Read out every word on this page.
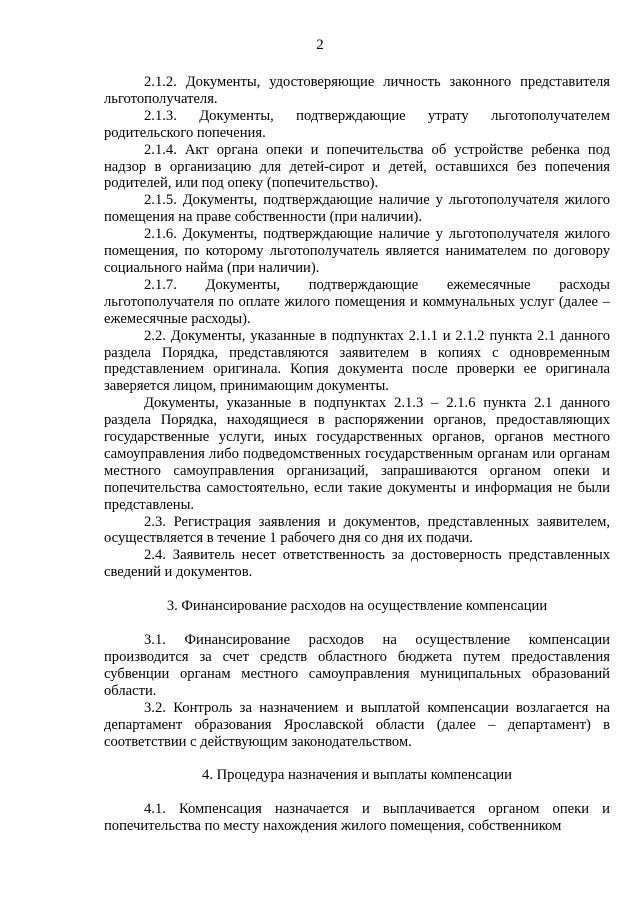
2

2.1.2. Документы, удостоверяющие личность законного представителя льготополучателя.

2.1.3. Документы, подтверждающие утрату льготополучателем родительского попечения.

2.1.4. Акт органа опеки и попечительства об устройстве ребенка под надзор в организацию для детей-сирот и детей, оставшихся без попечения родителей, или под опеку (попечительство).

2.1.5. Документы, подтверждающие наличие у льготополучателя жилого помещения на праве собственности (при наличии).

2.1.6. Документы, подтверждающие наличие у льготополучателя жилого помещения, по которому льготополучатель является нанимателем по договору социального найма (при наличии).

2.1.7. Документы, подтверждающие ежемесячные расходы льготополучателя по оплате жилого помещения и коммунальных услуг (далее – ежемесячные расходы).

2.2. Документы, указанные в подпунктах 2.1.1 и 2.1.2 пункта 2.1 данного раздела Порядка, представляются заявителем в копиях с одновременным представлением оригинала. Копия документа после проверки ее оригинала заверяется лицом, принимающим документы.

Документы, указанные в подпунктах 2.1.3 – 2.1.6 пункта 2.1 данного раздела Порядка, находящиеся в распоряжении органов, предоставляющих государственные услуги, иных государственных органов, органов местного самоуправления либо подведомственных государственным органам или органам местного самоуправления организаций, запрашиваются органом опеки и попечительства самостоятельно, если такие документы и информация не были представлены.

2.3. Регистрация заявления и документов, представленных заявителем, осуществляется в течение 1 рабочего дня со дня их подачи.

2.4. Заявитель несет ответственность за достоверность представленных сведений и документов.

3. Финансирование расходов на осуществление компенсации

3.1. Финансирование расходов на осуществление компенсации производится за счет средств областного бюджета путем предоставления субвенции органам местного самоуправления муниципальных образований области.

3.2. Контроль за назначением и выплатой компенсации возлагается на департамент образования Ярославской области (далее – департамент) в соответствии с действующим законодательством.

4. Процедура назначения и выплаты компенсации

4.1. Компенсация назначается и выплачивается органом опеки и попечительства по месту нахождения жилого помещения, собственником
